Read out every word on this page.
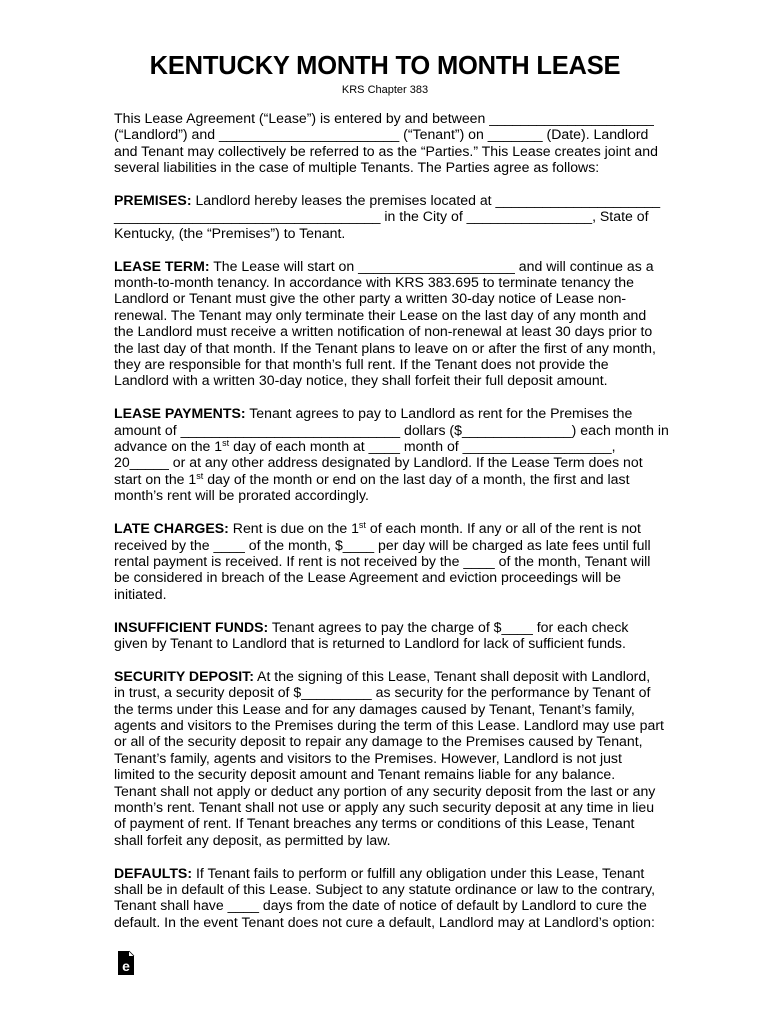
KENTUCKY MONTH TO MONTH LEASE
KRS Chapter 383
This Lease Agreement (“Lease”) is entered by and between _____________________
(“Landlord”) and _______________________ (“Tenant”) on _______ (Date). Landlord
and Tenant may collectively be referred to as the “Parties.” This Lease creates joint and
several liabilities in the case of multiple Tenants. The Parties agree as follows:
PREMISES: Landlord hereby leases the premises located at _____________________
__________________________________ in the City of ________________, State of
Kentucky, (the “Premises”) to Tenant.
LEASE TERM: The Lease will start on ____________________ and will continue as a
month-to-month tenancy. In accordance with KRS 383.695 to terminate tenancy the
Landlord or Tenant must give the other party a written 30-day notice of Lease non-
renewal. The Tenant may only terminate their Lease on the last day of any month and
the Landlord must receive a written notification of non-renewal at least 30 days prior to
the last day of that month. If the Tenant plans to leave on or after the first of any month,
they are responsible for that month’s full rent. If the Tenant does not provide the
Landlord with a written 30-day notice, they shall forfeit their full deposit amount.
LEASE PAYMENTS: Tenant agrees to pay to Landlord as rent for the Premises the
amount of ____________________________ dollars ($______________) each month in
advance on the 1st day of each month at ____ month of ___________________,
20_____ or at any other address designated by Landlord. If the Lease Term does not
start on the 1st day of the month or end on the last day of a month, the first and last
month’s rent will be prorated accordingly.
LATE CHARGES: Rent is due on the 1st of each month. If any or all of the rent is not
received by the ____ of the month, $____ per day will be charged as late fees until full
rental payment is received. If rent is not received by the ____ of the month, Tenant will
be considered in breach of the Lease Agreement and eviction proceedings will be
initiated.
INSUFFICIENT FUNDS: Tenant agrees to pay the charge of $____ for each check
given by Tenant to Landlord that is returned to Landlord for lack of sufficient funds.
SECURITY DEPOSIT: At the signing of this Lease, Tenant shall deposit with Landlord,
in trust, a security deposit of $_________ as security for the performance by Tenant of
the terms under this Lease and for any damages caused by Tenant, Tenant’s family,
agents and visitors to the Premises during the term of this Lease. Landlord may use part
or all of the security deposit to repair any damage to the Premises caused by Tenant,
Tenant’s family, agents and visitors to the Premises. However, Landlord is not just
limited to the security deposit amount and Tenant remains liable for any balance.
Tenant shall not apply or deduct any portion of any security deposit from the last or any
month’s rent. Tenant shall not use or apply any such security deposit at any time in lieu
of payment of rent. If Tenant breaches any terms or conditions of this Lease, Tenant
shall forfeit any deposit, as permitted by law.
DEFAULTS: If Tenant fails to perform or fulfill any obligation under this Lease, Tenant
shall be in default of this Lease. Subject to any statute ordinance or law to the contrary,
Tenant shall have ____ days from the date of notice of default by Landlord to cure the
default. In the event Tenant does not cure a default, Landlord may at Landlord’s option:
e
